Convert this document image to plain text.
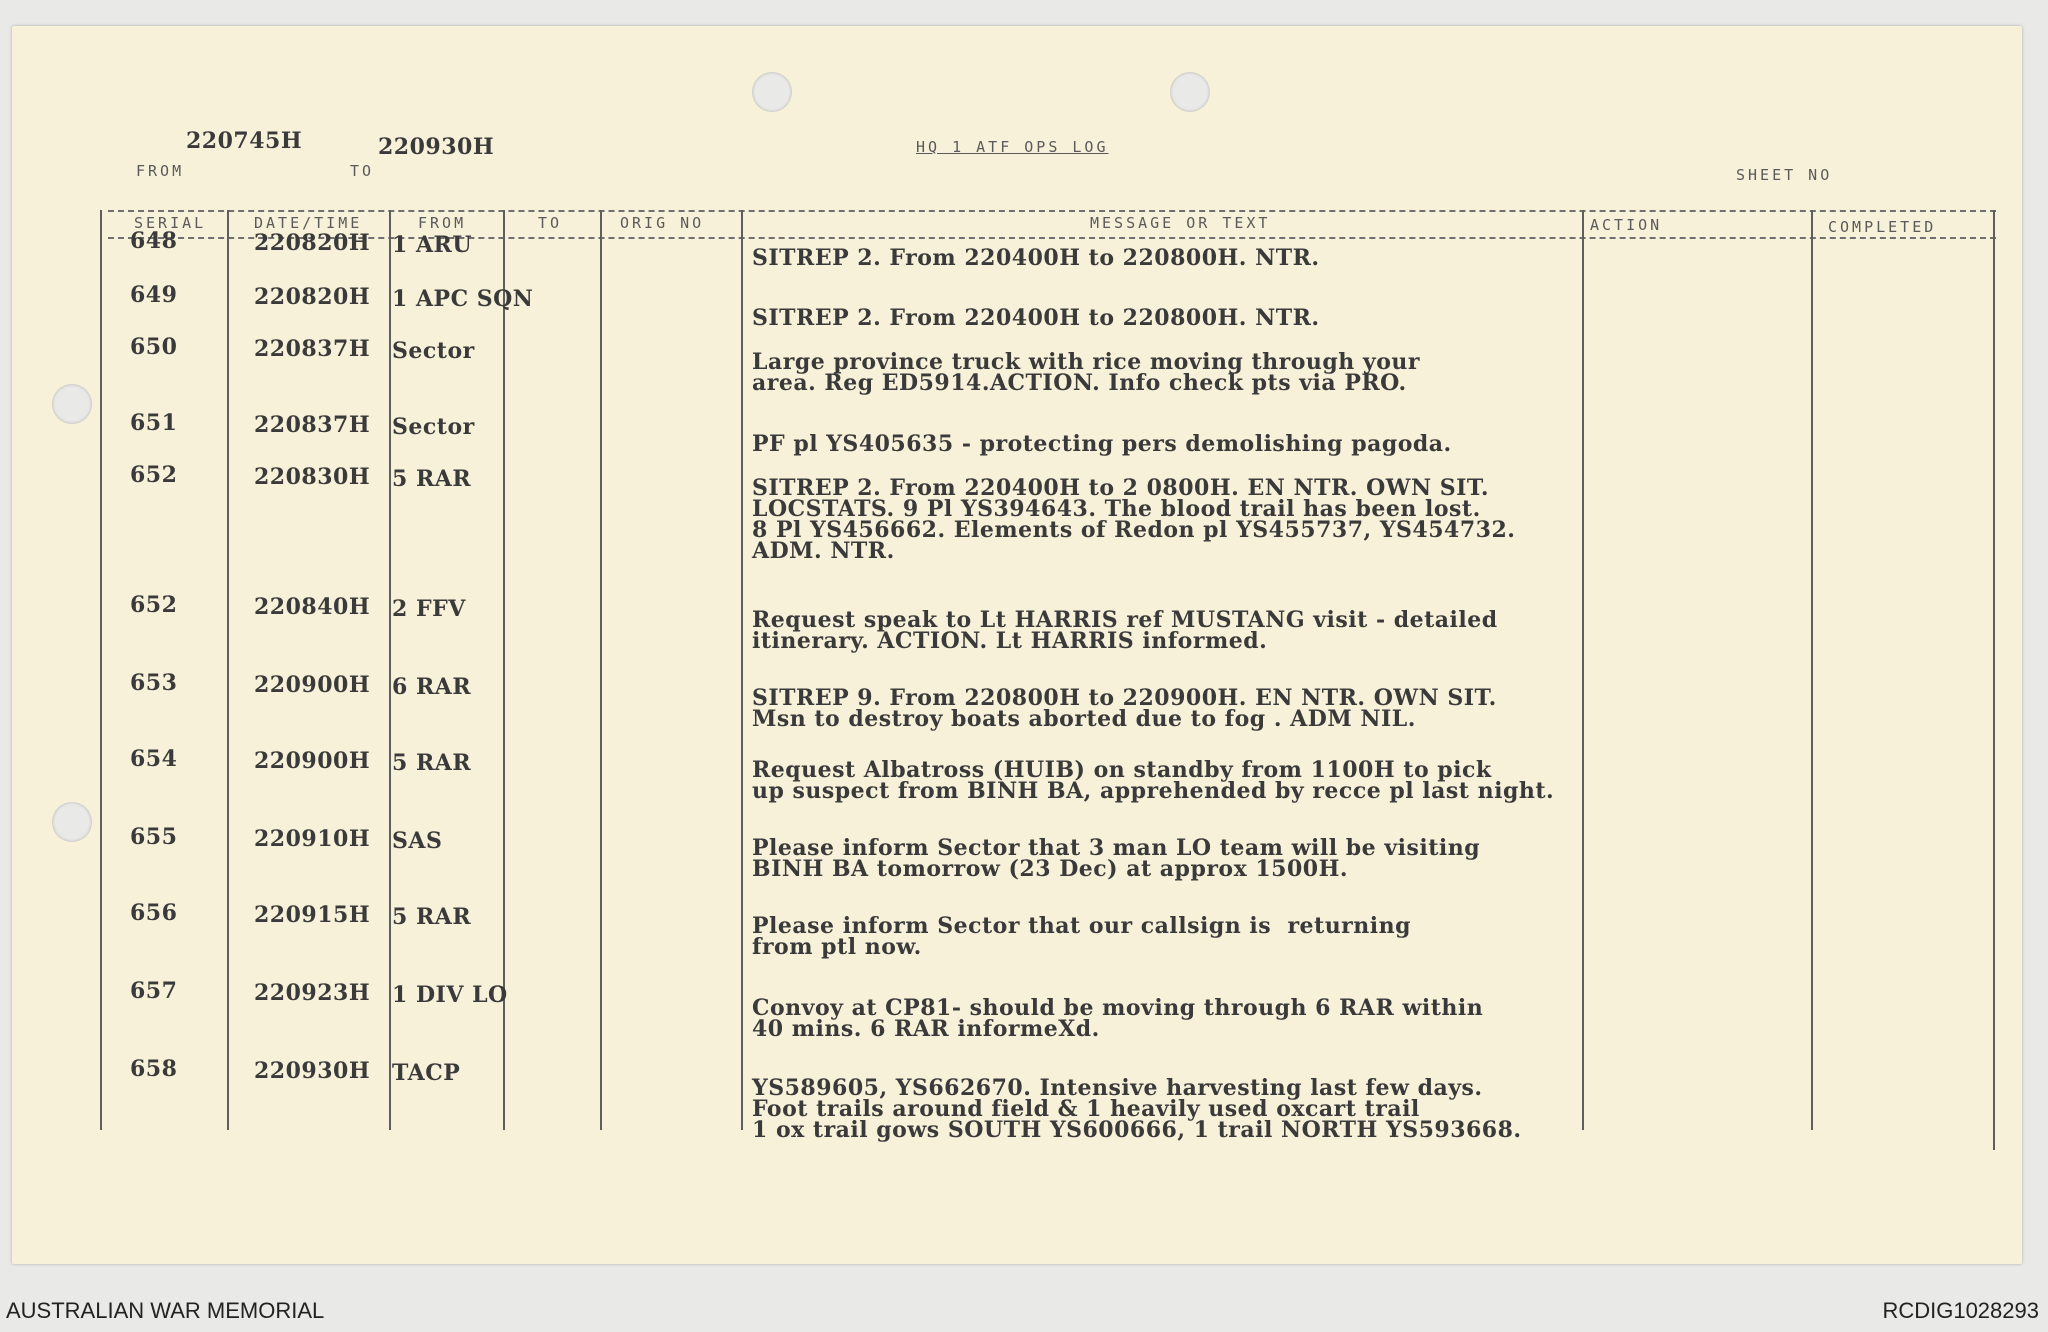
220745H
FROM
220930H
TO
HQ 1 ATF OPS LOG
SHEET NO
SERIAL	DATE/TIME	FROM	TO	ORIG NO	MESSAGE OR TEXT	ACTION	COMPLETED
648	220820H 1 ARU	SITREP 2. From 220400H to 220800H. NTR.
649	220820H 1 APC SQN
SITREP 2. From 220400H to 220800H. NTR.
650	220837H Sector	Large province truck with rice moving through your
area. Reg ED5914.ACTION. Info check pts via PRO.
651	220837H Sector
PF pl YS405635 - protecting pers demolishing pagoda.
652	220830H 5 RAR	SITREP 2. From 220400H to 2 0800H. EN NTR. OWN SIT.
LOCSTATS. 9 Pl YS394643. The blood trail has been lost.
8 Pl YS456662. Elements of Redon pl YS455737, YS454732.
ADM. NTR.
652	220840H 2 FFV	Request speak to Lt HARRIS ref MUSTANG visit - detailed
itinerary. ACTION. Lt HARRIS informed.
653	220900H 6 RAR	SITREP 9. From 220800H to 220900H. EN NTR. OWN SIT.
Msn to destroy boats aborted due to fog . ADM NIL.
654	220900H 5 RAR	Request Albatross (HUIB) on standby from 1100H to pick
up suspect from BINH BA, apprehended by recce pl last night.
655	220910H SAS	Please inform Sector that 3 man LO team will be visiting
BINH BA tomorrow (23 Dec) at approx 1500H.
656	220915H 5 RAR	Please inform Sector that our callsign is  returning
from ptl now.
657	220923H 1 DIV LO	Convoy at CP81- should be moving through 6 RAR within
40 mins. 6 RAR informeXd.
658	220930H TACP
YS589605, YS662670. Intensive harvesting last few days.
Foot trails around field & 1 heavily used oxcart trail
1 ox trail gows SOUTH YS600666, 1 trail NORTH YS593668.
AUSTRALIAN WAR MEMORIAL	RCDIG1028293
